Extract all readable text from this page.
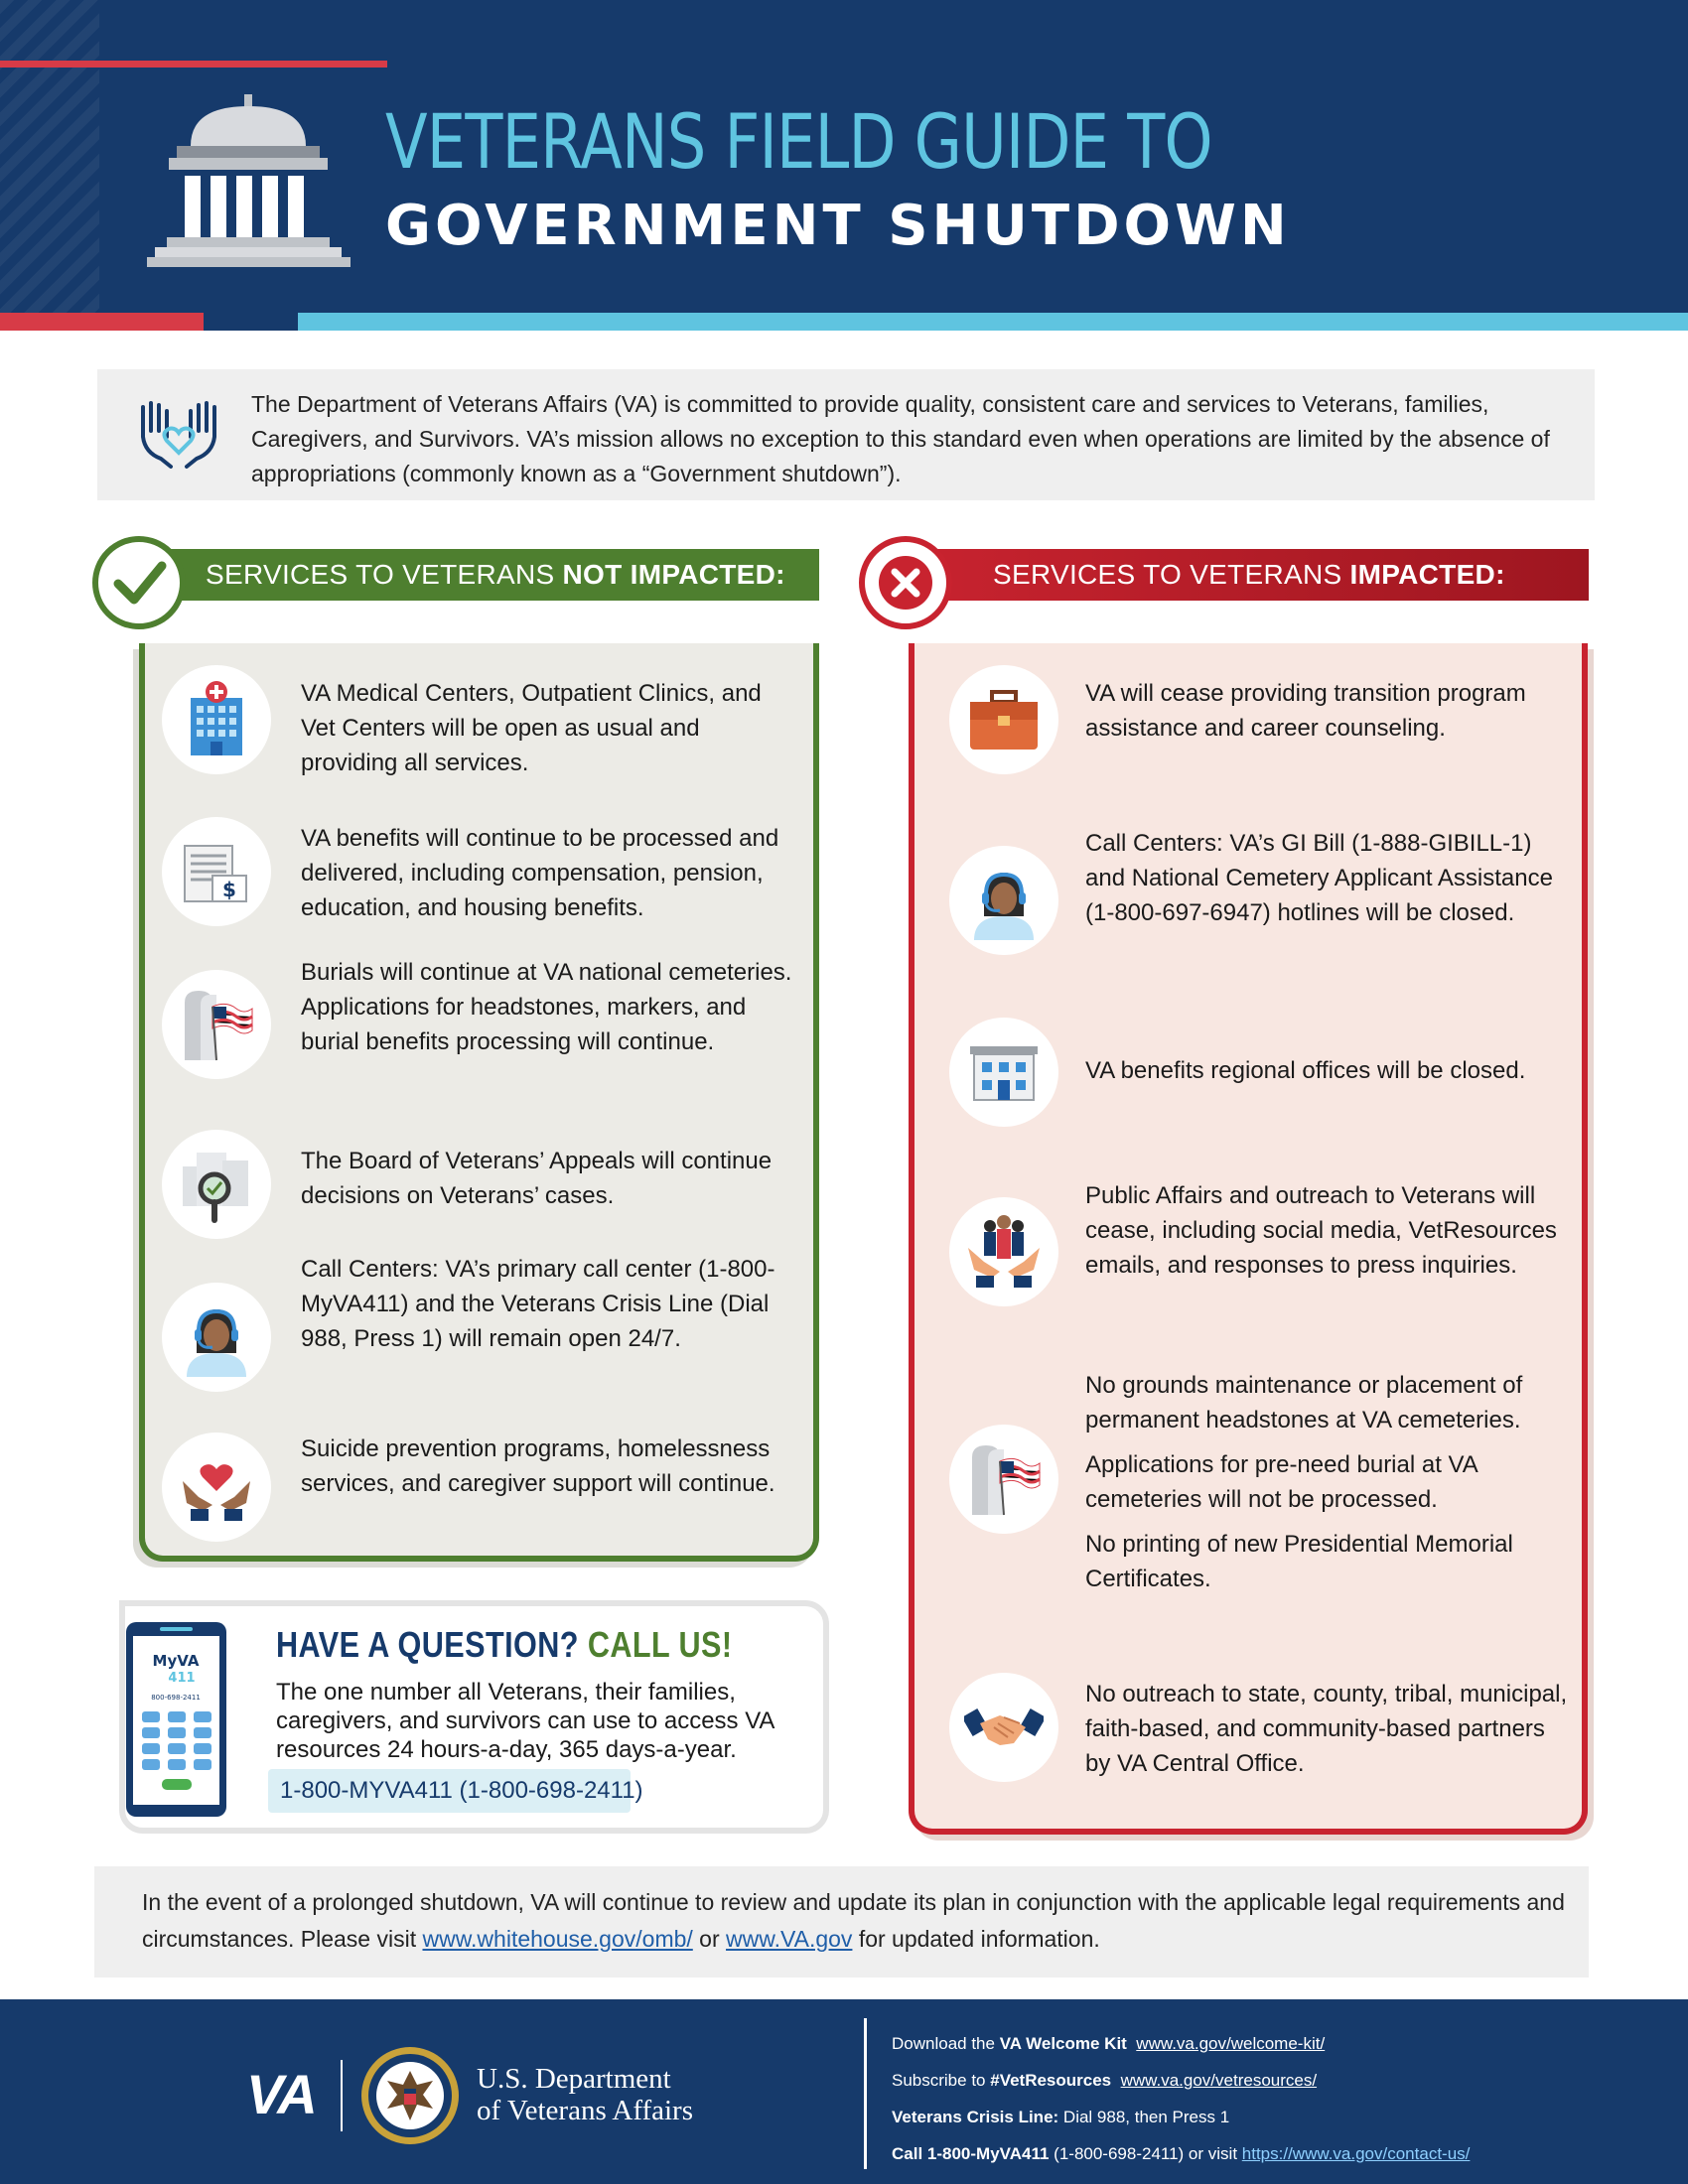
VETERANS FIELD GUIDE TO
GOVERNMENT SHUTDOWN
The Department of Veterans Affairs (VA) is committed to provide quality, consistent care and services to Veterans, families, Caregivers, and Survivors. VA’s mission allows no exception to this standard even when operations are limited by the absence of appropriations (commonly known as a “Government shutdown”).
SERVICES TO VETERANS NOT IMPACTED:	SERVICES TO VETERANS IMPACTED:
VA Medical Centers, Outpatient Clinics, and Vet Centers will be open as usual and providing all services.
$
VA benefits will continue to be processed and delivered, including compensation, pension, education, and housing benefits.
Burials will continue at VA national cemeteries. Applications for headstones, markers, and burial benefits processing will continue.
The Board of Veterans’ Appeals will continue decisions on Veterans’ cases.
Call Centers: VA’s primary call center (1-800-MyVA411) and the Veterans Crisis Line (Dial 988, Press 1) will remain open 24/7.
Suicide prevention programs, homelessness services, and caregiver support will continue.
VA will cease providing transition program assistance and career counseling.
Call Centers: VA’s GI Bill (1-888-GIBILL-1) and National Cemetery Applicant Assistance (1-800-697-6947) hotlines will be closed.
VA benefits regional offices will be closed.
Public Affairs and outreach to Veterans will cease, including social media, VetResources emails, and responses to press inquiries.
No grounds maintenance or placement of permanent headstones at VA cemeteries.
Applications for pre-need burial at VA cemeteries will not be processed.
No printing of new Presidential Memorial Certificates.
No outreach to state, county, tribal, municipal, faith-based, and community-based partners by VA Central Office.
MyVA
411
800-698-2411
HAVE A QUESTION? CALL US!
The one number all Veterans, their families, caregivers, and survivors can use to access VA resources 24 hours-a-day, 365 days-a-year.
1-800-MYVA411 (1-800-698-2411)
In the event of a prolonged shutdown, VA will continue to review and update its plan in conjunction with the applicable legal requirements and circumstances. Please visit www.whitehouse.gov/omb/ or www.VA.gov for updated information.
VA	U.S. Department
of Veterans Affairs
Download the VA Welcome Kit www.va.gov/welcome-kit/
Subscribe to #VetResources www.va.gov/vetresources/
Veterans Crisis Line: Dial 988, then Press 1
Call 1-800-MyVA411 (1-800-698-2411) or visit https://www.va.gov/contact-us/
